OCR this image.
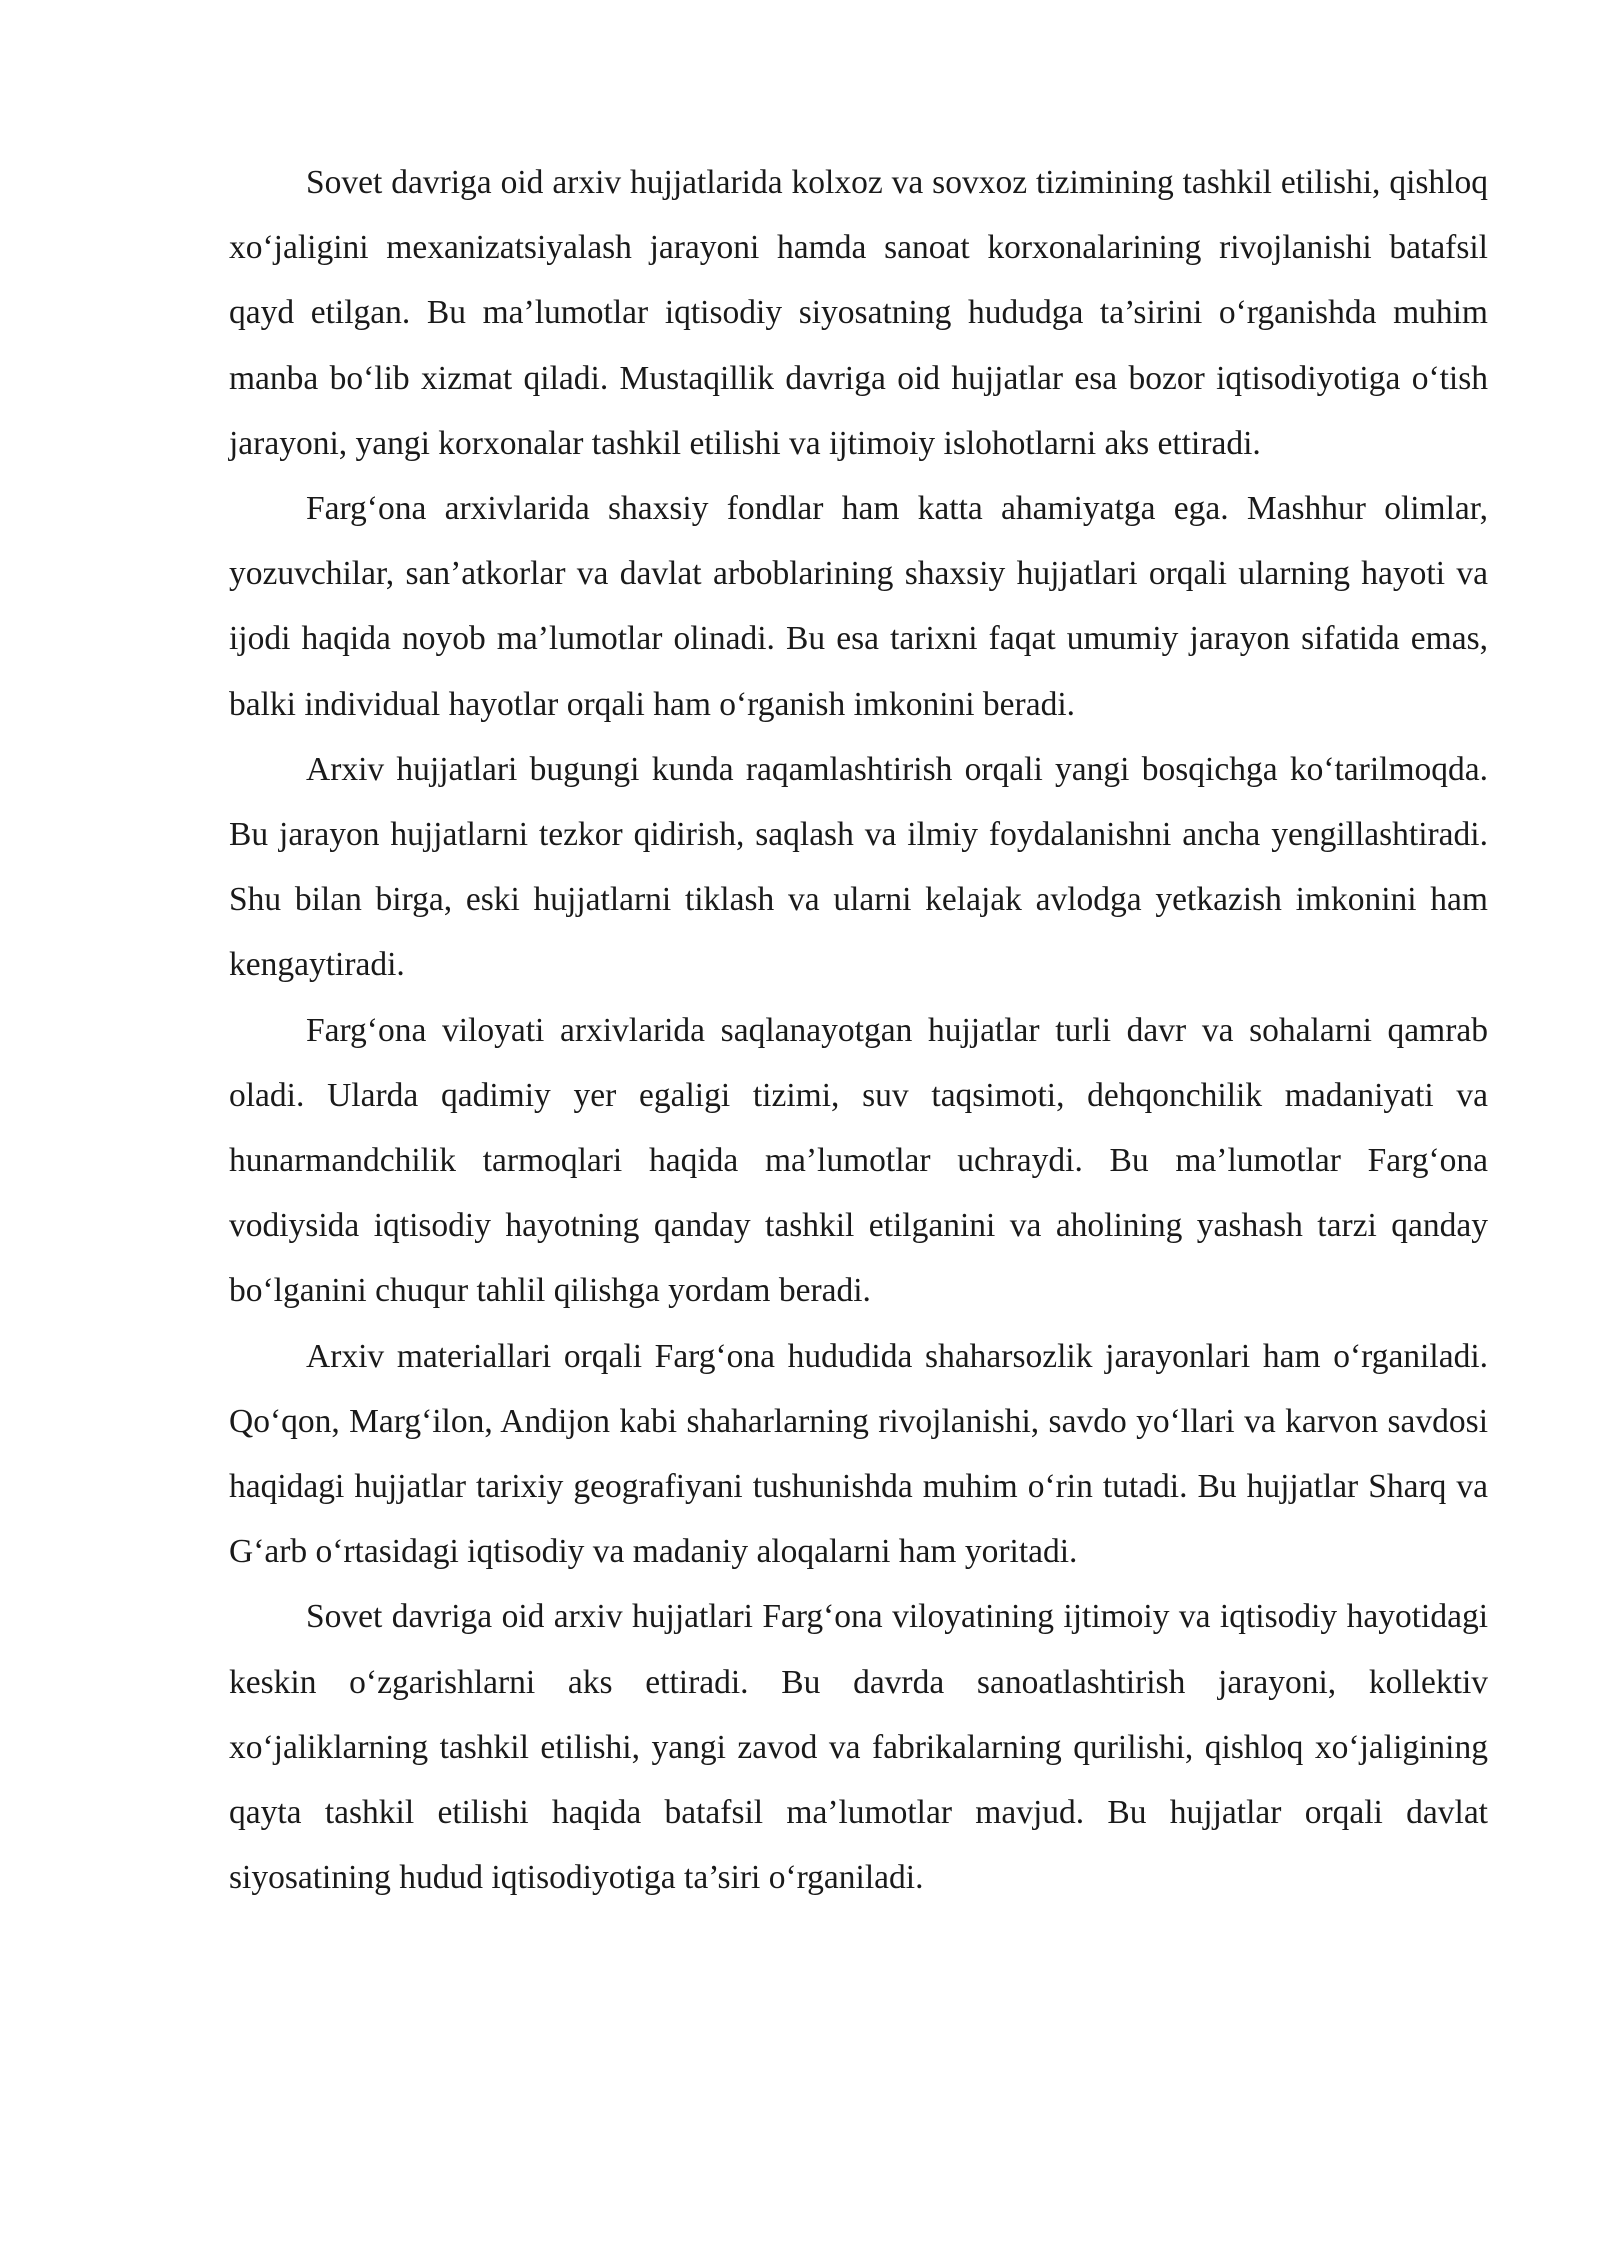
Sovet davriga oid arxiv hujjatlarida kolxoz va sovxoz tizimining tashkil etilishi, qishloq xo‘jaligini mexanizatsiyalash jarayoni hamda sanoat korxonalarining rivojlanishi batafsil qayd etilgan. Bu ma’lumotlar iqtisodiy siyosatning hududga ta’sirini o‘rganishda muhim manba bo‘lib xizmat qiladi. Mustaqillik davriga oid hujjatlar esa bozor iqtisodiyotiga o‘tish jarayoni, yangi korxonalar tashkil etilishi va ijtimoiy islohotlarni aks ettiradi.

Farg‘ona arxivlarida shaxsiy fondlar ham katta ahamiyatga ega. Mashhur olimlar, yozuvchilar, san’atkorlar va davlat arboblarining shaxsiy hujjatlari orqali ularning hayoti va ijodi haqida noyob ma’lumotlar olinadi. Bu esa tarixni faqat umumiy jarayon sifatida emas, balki individual hayotlar orqali ham o‘rganish imkonini beradi.

Arxiv hujjatlari bugungi kunda raqamlashtirish orqali yangi bosqichga ko‘tarilmoqda. Bu jarayon hujjatlarni tezkor qidirish, saqlash va ilmiy foydalanishni ancha yengillashtiradi. Shu bilan birga, eski hujjatlarni tiklash va ularni kelajak avlodga yetkazish imkonini ham kengaytiradi.

Farg‘ona viloyati arxivlarida saqlanayotgan hujjatlar turli davr va sohalarni qamrab oladi. Ularda qadimiy yer egaligi tizimi, suv taqsimoti, dehqonchilik madaniyati va hunarmandchilik tarmoqlari haqida ma’lumotlar uchraydi. Bu ma’lumotlar Farg‘ona vodiysida iqtisodiy hayotning qanday tashkil etilganini va aholining yashash tarzi qanday bo‘lganini chuqur tahlil qilishga yordam beradi.

Arxiv materiallari orqali Farg‘ona hududida shaharsozlik jarayonlari ham o‘rganiladi. Qo‘qon, Marg‘ilon, Andijon kabi shaharlarning rivojlanishi, savdo yo‘llari va karvon savdosi haqidagi hujjatlar tarixiy geografiyani tushunishda muhim o‘rin tutadi. Bu hujjatlar Sharq va G‘arb o‘rtasidagi iqtisodiy va madaniy aloqalarni ham yoritadi.

Sovet davriga oid arxiv hujjatlari Farg‘ona viloyatining ijtimoiy va iqtisodiy hayotidagi keskin o‘zgarishlarni aks ettiradi. Bu davrda sanoatlashtirish jarayoni, kollektiv xo‘jaliklarning tashkil etilishi, yangi zavod va fabrikalarning qurilishi, qishloq xo‘jaligining qayta tashkil etilishi haqida batafsil ma’lumotlar mavjud. Bu hujjatlar orqali davlat siyosatining hudud iqtisodiyotiga ta’siri o‘rganiladi.
